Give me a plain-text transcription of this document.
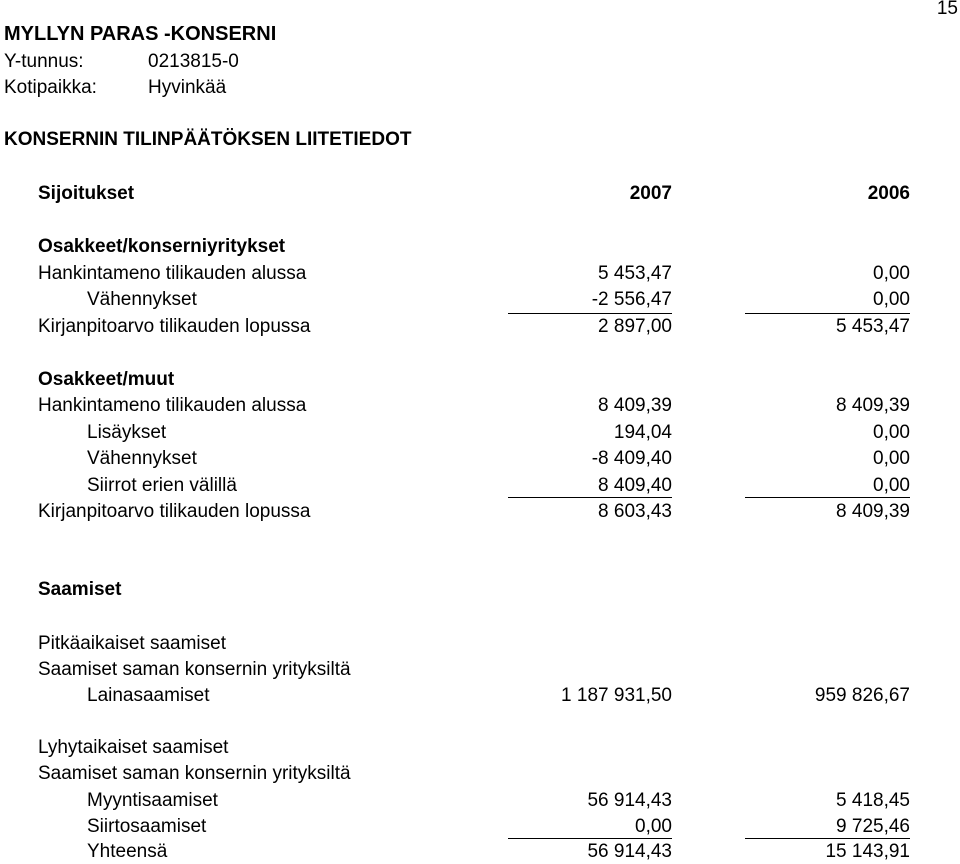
15
MYLLYN PARAS -KONSERNI
Y-tunnus:	0213815-0
Kotipaikka:	Hyvinkää
KONSERNIN TILINPÄÄTÖKSEN LIITETIEDOT
Sijoitukset	2007	2006
Osakkeet/konserniyritykset
Hankintameno tilikauden alussa	5 453,47	0,00
Vähennykset	-2 556,47	0,00
Kirjanpitoarvo tilikauden lopussa	2 897,00	5 453,47
Osakkeet/muut
Hankintameno tilikauden alussa	8 409,39	8 409,39
Lisäykset	194,04	0,00
Vähennykset	-8 409,40	0,00
Siirrot erien välillä	8 409,40	0,00
Kirjanpitoarvo tilikauden lopussa	8 603,43	8 409,39
Saamiset
Pitkäaikaiset saamiset
Saamiset saman konsernin yrityksiltä
Lainasaamiset	1 187 931,50	959 826,67
Lyhytaikaiset saamiset
Saamiset saman konsernin yrityksiltä
Myyntisaamiset	56 914,43	5 418,45
Siirtosaamiset	0,00	9 725,46
Yhteensä	56 914,43	15 143,91
